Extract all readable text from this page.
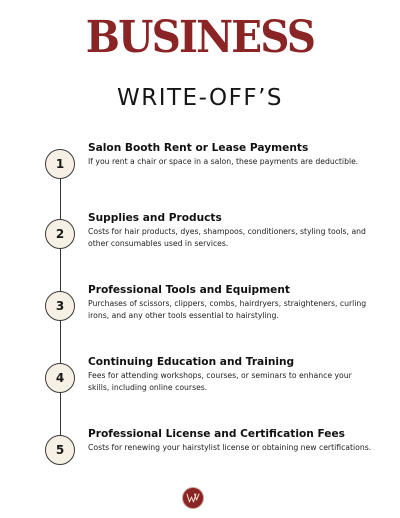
BUSINESS
WRITE-OFF’S
1
Salon Booth Rent or Lease Payments
If you rent a chair or space in a salon, these payments are deductible.
2
Supplies and Products
Costs for hair products, dyes, shampoos, conditioners, styling tools, and other consumables used in services.
3
Professional Tools and Equipment
Purchases of scissors, clippers, combs, hairdryers, straighteners, curling irons, and any other tools essential to hairstyling.
4
Continuing Education and Training
Fees for attending workshops, courses, or seminars to enhance your skills, including online courses.
5
Professional License and Certification Fees
Costs for renewing your hairstylist license or obtaining new certifications.
